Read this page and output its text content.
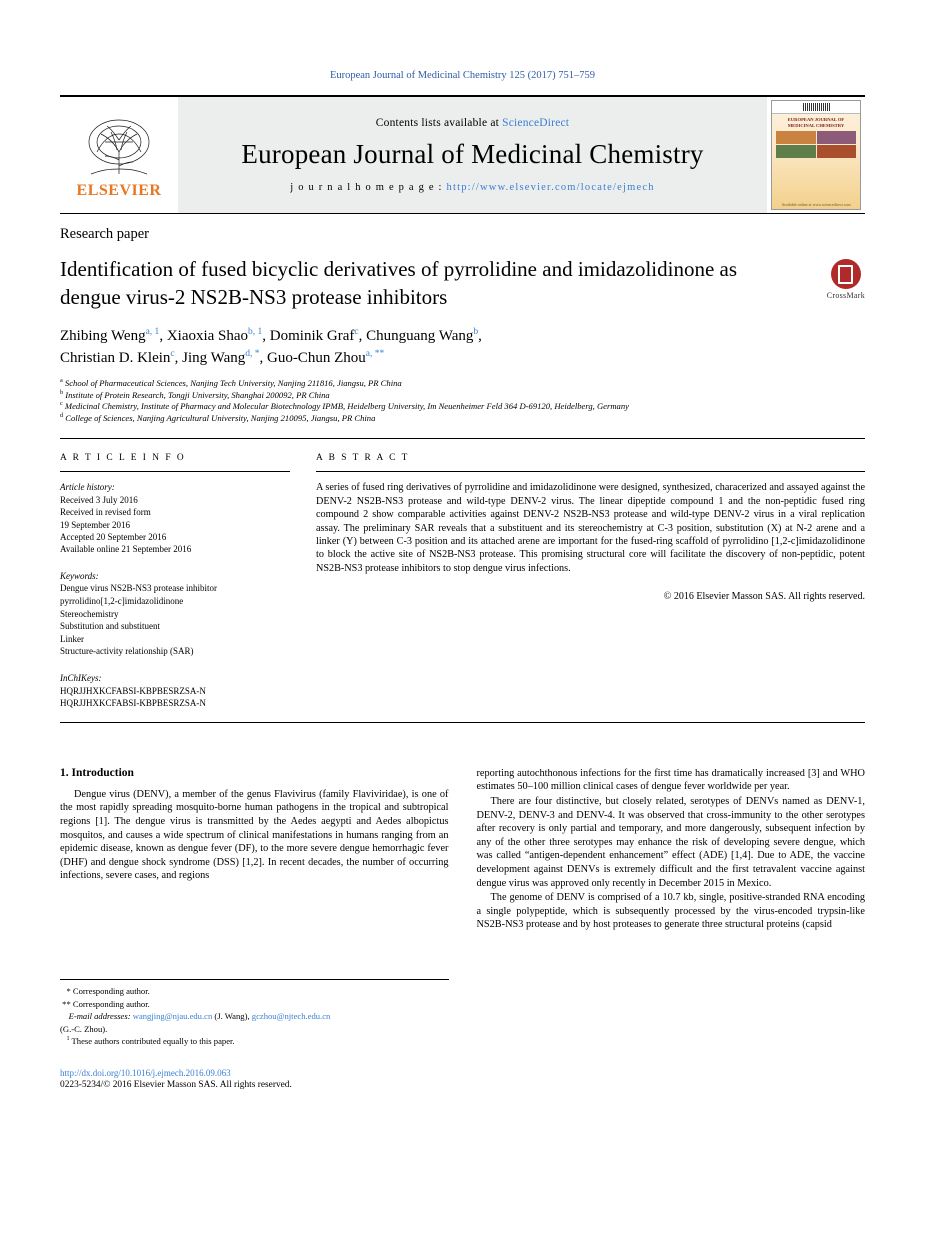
European Journal of Medicinal Chemistry 125 (2017) 751–759
ELSEVIER
Contents lists available at ScienceDirect
European Journal of Medicinal Chemistry
j o u r n a l h o m e p a g e : http://www.elsevier.com/locate/ejmech
EUROPEAN JOURNAL OF MEDICINAL CHEMISTRY
Available online at www.sciencedirect.com
Research paper
Identification of fused bicyclic derivatives of pyrrolidine and imidazolidinone as dengue virus-2 NS2B-NS3 protease inhibitors	CrossMark
Zhibing Weng$^{a, 1}$, Xiaoxia Shao$^{b, 1}$, Dominik Graf$^c$, Chunguang Wang$^b$,
Christian D. Klein$^c$, Jing Wang$^{d, *}$, Guo-Chun Zhou$^{a, **}$
$^a$ School of Pharmaceutical Sciences, Nanjing Tech University, Nanjing 211816, Jiangsu, PR China
$^b$ Institute of Protein Research, Tongji University, Shanghai 200092, PR China
$^c$ Medicinal Chemistry, Institute of Pharmacy and Molecular Biotechnology IPMB, Heidelberg University, Im Neuenheimer Feld 364 D-69120, Heidelberg, Germany
$^d$ College of Sciences, Nanjing Agricultural University, Nanjing 210095, Jiangsu, PR China
A R T I C L E I N F O
Article history:
Received 3 July 2016
Received in revised form
19 September 2016
Accepted 20 September 2016
Available online 21 September 2016
Keywords:
Dengue virus NS2B-NS3 protease inhibitor
pyrrolidino[1,2-c]imidazolidinone
Stereochemistry
Substitution and substituent
Linker
Structure-activity relationship (SAR)
InChIKeys:
HQRJJHXKCFABSI-KBPBESRZSA-N
HQRJJHXKCFABSI-KBPBESRZSA-N
A B S T R A C T
A series of fused ring derivatives of pyrrolidine and imidazolidinone were designed, synthesized, characerized and assayed against the DENV-2 NS2B-NS3 protease and wild-type DENV-2 virus. The linear dipeptide compound 1 and the non-peptidic fused ring compound 2 show comparable activities against DENV-2 NS2B-NS3 protease and wild-type DENV-2 virus in a viral replication assay. The preliminary SAR reveals that a substituent and its stereochemistry at C-3 position, substitution (X) at N-2 arene and a linker (Y) between C-3 position and its attached arene are important for the fused-ring scaffold of pyrrolidino [1,2-c]imidazolidinone to block the active site of NS2B-NS3 protease. This promising structural core will facilitate the discovery of non-peptidic, potent NS2B-NS3 protease inhibitors to stop dengue virus infections.
© 2016 Elsevier Masson SAS. All rights reserved.
1. Introduction

Dengue virus (DENV), a member of the genus Flavivirus (family Flaviviridae), is one of the most rapidly spreading mosquito-borne human pathogens in the tropical and subtropical regions [1]. The dengue virus is transmitted by the Aedes aegypti and Aedes albopictus mosquitos, and causes a wide spectrum of clinical manifestations in humans ranging from an epidemic disease, known as dengue fever (DF), to the more severe dengue hemorrhagic fever (DHF) and dengue shock syndrome (DSS) [1,2]. In recent decades, the number of occurring infections, severe cases, and regions

* Corresponding author.
** Corresponding author.
E-mail addresses: wangjing@njau.edu.cn (J. Wang), gczhou@njtech.edu.cn
(G.-C. Zhou).
$^1$ These authors contributed equally to this paper.
http://dx.doi.org/10.1016/j.ejmech.2016.09.063
0223-5234/© 2016 Elsevier Masson SAS. All rights reserved.

reporting autochthonous infections for the first time has dramatically increased [3] and WHO estimates 50–100 million clinical cases of dengue fever worldwide per year.

There are four distinctive, but closely related, serotypes of DENVs named as DENV-1, DENV-2, DENV-3 and DENV-4. It was observed that cross-immunity to the other serotypes after recovery is only partial and temporary, and more dangerously, subsequent infection by any of the other three serotypes may enhance the risk of developing severe dengue, which was called “antigen-dependent enhancement” effect (ADE) [1,4]. Due to ADE, the vaccine development against DENVs is extremely difficult and the first tetravalent vaccine against dengue virus was approved only recently in December 2015 in Mexico.

The genome of DENV is comprised of a 10.7 kb, single, positive-stranded RNA encoding a single polypeptide, which is subsequently processed by the virus-encoded trypsin-like NS2B-NS3 protease and by host proteases to generate three structural proteins (capsid
